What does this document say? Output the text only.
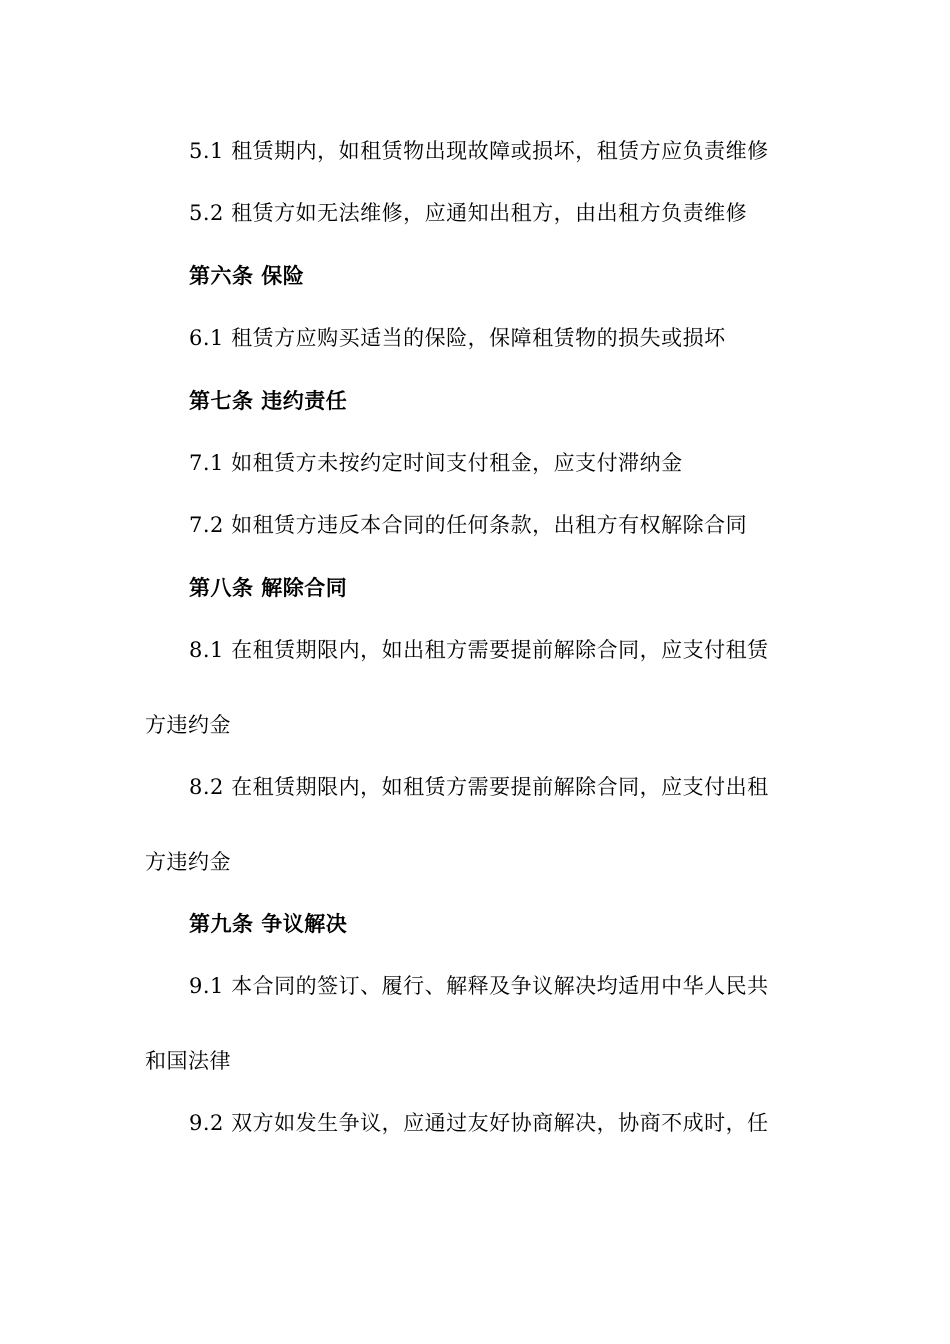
5.1 租赁期内，如租赁物出现故障或损坏，租赁方应负责维修
5.2 租赁方如无法维修，应通知出租方，由出租方负责维修
第六条 保险
6.1 租赁方应购买适当的保险，保障租赁物的损失或损坏
第七条 违约责任
7.1 如租赁方未按约定时间支付租金，应支付滞纳金
7.2 如租赁方违反本合同的任何条款，出租方有权解除合同
第八条 解除合同
8.1 在租赁期限内，如出租方需要提前解除合同，应支付租赁
方违约金
8.2 在租赁期限内，如租赁方需要提前解除合同，应支付出租
方违约金
第九条 争议解决
9.1 本合同的签订、履行、解释及争议解决均适用中华人民共
和国法律
9.2 双方如发生争议，应通过友好协商解决，协商不成时，任
